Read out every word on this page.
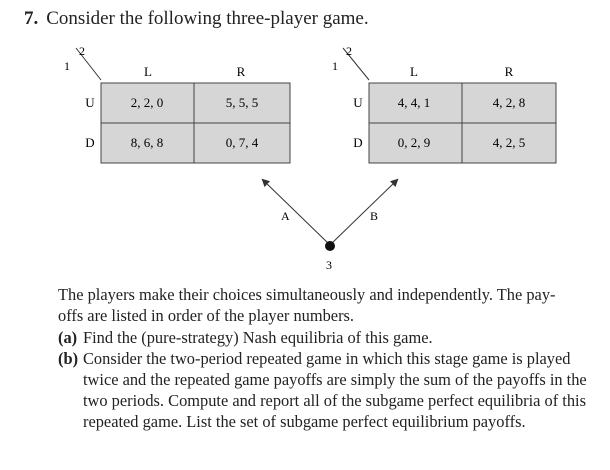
7. Consider the following three-player game.
2
1	L	R
U
D
2, 2, 0	5, 5, 5
8, 6, 8	0, 7, 4
2
1	L	R
U
D
4, 4, 1	4, 2, 8
0, 2, 9	4, 2, 5
A	B
3
The players make their choices simultaneously and independently. The pay-offs are listed in order of the player numbers.

(a) Find the (pure-strategy) Nash equilibria of this game.

(b) Consider the two-period repeated game in which this stage game is played twice and the repeated game payoffs are simply the sum of the payoffs in the two periods. Compute and report all of the subgame perfect equilibria of this repeated game. List the set of subgame perfect equilibrium payoffs.
